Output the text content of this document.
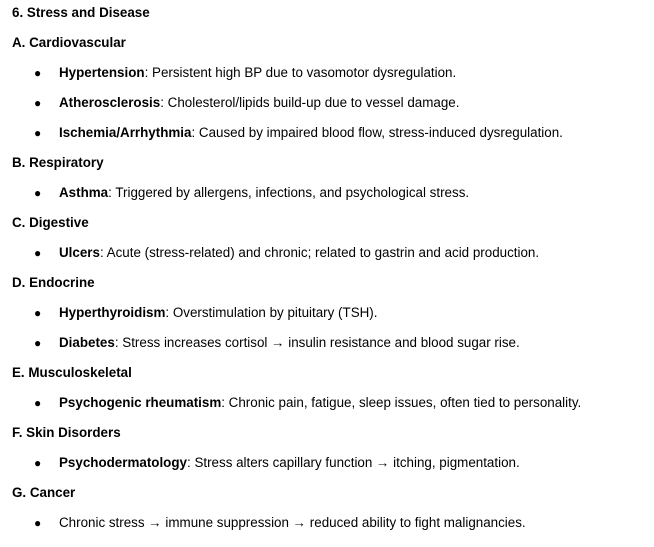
6. Stress and Disease
A. Cardiovascular
● Hypertension: Persistent high BP due to vasomotor dysregulation.
● Atherosclerosis: Cholesterol/lipids build-up due to vessel damage.
● Ischemia/Arrhythmia: Caused by impaired blood flow, stress-induced dysregulation.
B. Respiratory
● Asthma: Triggered by allergens, infections, and psychological stress.
C. Digestive
● Ulcers: Acute (stress-related) and chronic; related to gastrin and acid production.
D. Endocrine
● Hyperthyroidism: Overstimulation by pituitary (TSH).
● Diabetes: Stress increases cortisol → insulin resistance and blood sugar rise.
E. Musculoskeletal
● Psychogenic rheumatism: Chronic pain, fatigue, sleep issues, often tied to personality.
F. Skin Disorders
● Psychodermatology: Stress alters capillary function → itching, pigmentation.
G. Cancer
● Chronic stress → immune suppression → reduced ability to fight malignancies.
